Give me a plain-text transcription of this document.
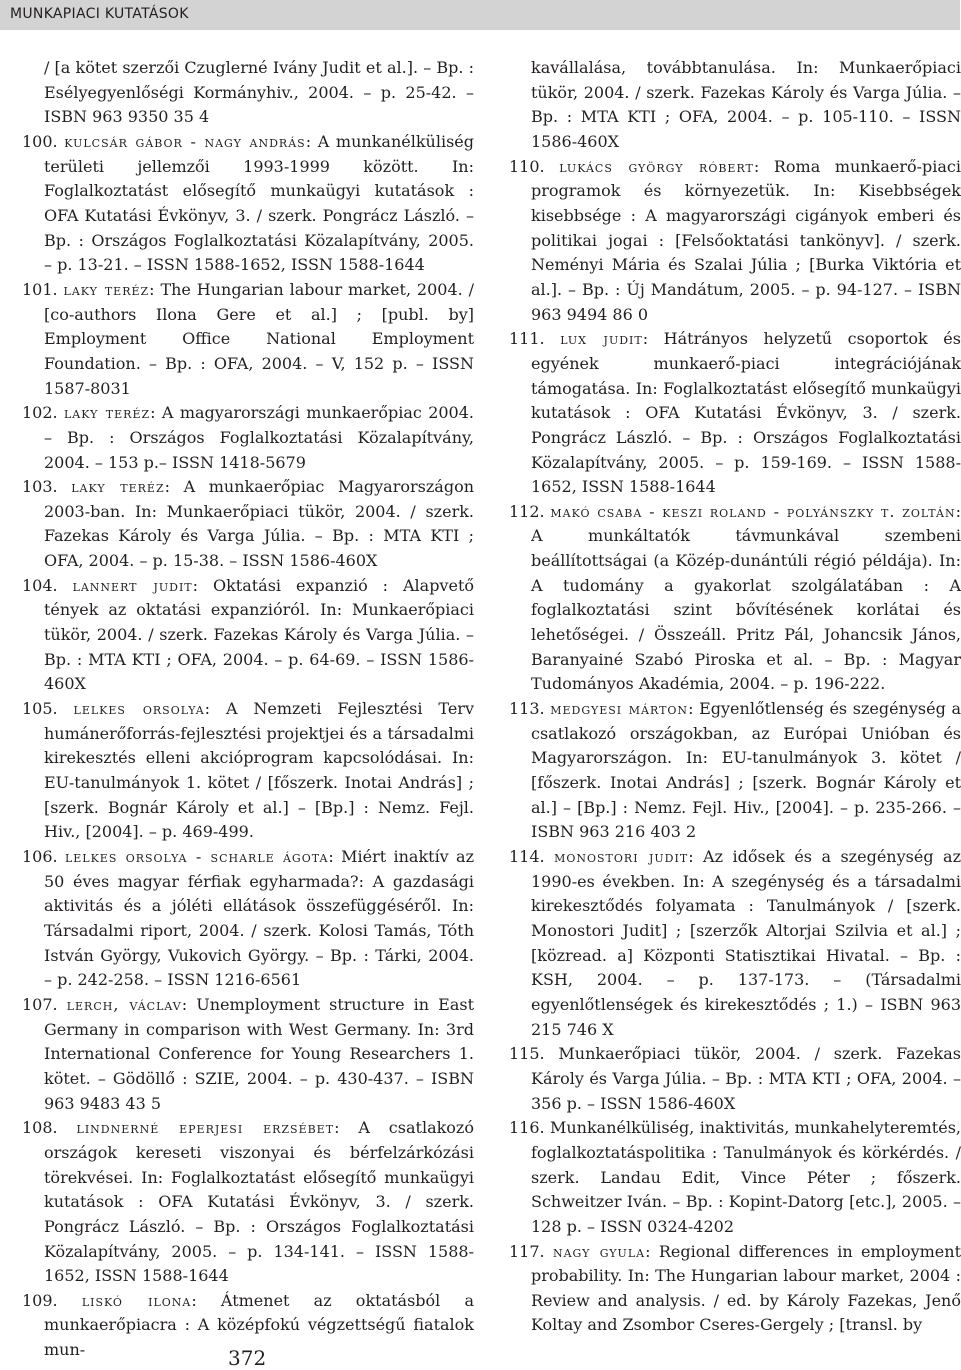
MUNKAPIACI KUTATÁSOK
/ [a kötet szerzői Czuglerné Ivány Judit et al.]. – Bp. : Esélyegyenlőségi Kormányhiv., 2004. – p. 25-42. – ISBN 963 9350 35 4
100. kulcsár gábor - nagy andrás: A munkanélküliség területi jellemzői 1993-1999 között. In: Foglalkoztatást elősegítő munkaügyi kutatások : OFA Kutatási Évkönyv, 3. / szerk. Pongrácz László. – Bp. : Országos Foglalkoztatási Közalapítvány, 2005. – p. 13-21. – ISSN 1588-1652, ISSN 1588-1644
101. laky teréz: The Hungarian labour market, 2004. / [co-authors Ilona Gere et al.] ; [publ. by] Employment Office National Employment Foundation. – Bp. : OFA, 2004. – V, 152 p. – ISSN 1587-8031
102. laky teréz: A magyarországi munkaerőpiac 2004. – Bp. : Országos Foglalkoztatási Közalapítvány, 2004. – 153 p.– ISSN 1418-5679
103. laky teréz: A munkaerőpiac Magyarországon 2003-ban. In: Munkaerőpiaci tükör, 2004. / szerk. Fazekas Károly és Varga Júlia. – Bp. : MTA KTI ; OFA, 2004. – p. 15-38. – ISSN 1586-460X
104. lannert judit: Oktatási expanzió : Alapvető tények az oktatási expanzióról. In: Munkaerőpiaci tükör, 2004. / szerk. Fazekas Károly és Varga Júlia. – Bp. : MTA KTI ; OFA, 2004. – p. 64-69. – ISSN 1586-460X
105. lelkes orsolya: A Nemzeti Fejlesztési Terv humánerőforrás-fejlesztési projektjei és a társadalmi kirekesztés elleni akcióprogram kapcsolódásai. In: EU-tanulmányok 1. kötet / [főszerk. Inotai András] ; [szerk. Bognár Károly et al.] – [Bp.] : Nemz. Fejl. Hiv., [2004]. – p. 469-499.
106. lelkes orsolya - scharle ágota: Miért inaktív az 50 éves magyar férfiak egyharmada?: A gazdasági aktivitás és a jóléti ellátások összefüggéséről. In: Társadalmi riport, 2004. / szerk. Kolosi Tamás, Tóth István György, Vukovich György. – Bp. : Tárki, 2004. – p. 242-258. – ISSN 1216-6561
107. lerch, václav: Unemployment structure in East Germany in comparison with West Germany. In: 3rd International Conference for Young Researchers 1. kötet. – Gödöllő : SZIE, 2004. – p. 430-437. – ISBN 963 9483 43 5
108. lindnerné eperjesi erzsébet: A csatlakozó országok kereseti viszonyai és bérfelzárkózási törekvései. In: Foglalkoztatást elősegítő munkaügyi kutatások : OFA Kutatási Évkönyv, 3. / szerk. Pongrácz László. – Bp. : Országos Foglalkoztatási Közalapítvány, 2005. – p. 134-141. – ISSN 1588-1652, ISSN 1588-1644
109. liskó ilona: Átmenet az oktatásból a munkaerőpiacra : A középfokú végzettségű fiatalok mun-
kavállalása, továbbtanulása. In: Munkaerőpiaci tükör, 2004. / szerk. Fazekas Károly és Varga Júlia. – Bp. : MTA KTI ; OFA, 2004. – p. 105-110. – ISSN 1586-460X
110. lukács györgy róbert: Roma munkaerő-piaci programok és környezetük. In: Kisebbségek kisebbsége : A magyarországi cigányok emberi és politikai jogai : [Felsőoktatási tankönyv]. / szerk. Neményi Mária és Szalai Júlia ; [Burka Viktória et al.]. – Bp. : Új Mandátum, 2005. – p. 94-127. – ISBN 963 9494 86 0
111. lux judit: Hátrányos helyzetű csoportok és egyének munkaerő-piaci integrációjának támogatása. In: Foglalkoztatást elősegítő munkaügyi kutatások : OFA Kutatási Évkönyv, 3. / szerk. Pongrácz László. – Bp. : Országos Foglalkoztatási Közalapítvány, 2005. – p. 159-169. – ISSN 1588-1652, ISSN 1588-1644
112. makó csaba - keszi roland - polyánszky t. zoltán: A munkáltatók távmunkával szembeni beállítottságai (a Közép-dunántúli régió példája). In: A tudomány a gyakorlat szolgálatában : A foglalkoztatási szint bővítésének korlátai és lehetőségei. / Összeáll. Pritz Pál, Johancsik János, Baranyainé Szabó Piroska et al. – Bp. : Magyar Tudományos Akadémia, 2004. – p. 196-222.
113. medgyesi márton: Egyenlőtlenség és szegénység a csatlakozó országokban, az Európai Unióban és Magyarországon. In: EU-tanulmányok 3. kötet / [főszerk. Inotai András] ; [szerk. Bognár Károly et al.] – [Bp.] : Nemz. Fejl. Hiv., [2004]. – p. 235-266. – ISBN 963 216 403 2
114. monostori judit: Az idősek és a szegénység az 1990-es években. In: A szegénység és a társadalmi kirekesztődés folyamata : Tanulmányok / [szerk. Monostori Judit] ; [szerzők Altorjai Szilvia et al.] ; [közread. a] Központi Statisztikai Hivatal. – Bp. : KSH, 2004. – p. 137-173. – (Társadalmi egyenlőtlenségek és kirekesztődés ; 1.) – ISBN 963 215 746 X
115. Munkaerőpiaci tükör, 2004. / szerk. Fazekas Károly és Varga Júlia. – Bp. : MTA KTI ; OFA, 2004. – 356 p. – ISSN 1586-460X
116. Munkanélküliség, inaktivitás, munkahelyteremtés, foglalkoztatáspolitika : Tanulmányok és körkérdés. / szerk. Landau Edit, Vince Péter ; főszerk. Schweitzer Iván. – Bp. : Kopint-Datorg [etc.], 2005. – 128 p. – ISSN 0324-4202
117. nagy gyula: Regional differences in employment probability. In: The Hungarian labour market, 2004 : Review and analysis. / ed. by Károly Fazekas, Jenő Koltay and Zsombor Cseres-Gergely ; [transl. by
372
